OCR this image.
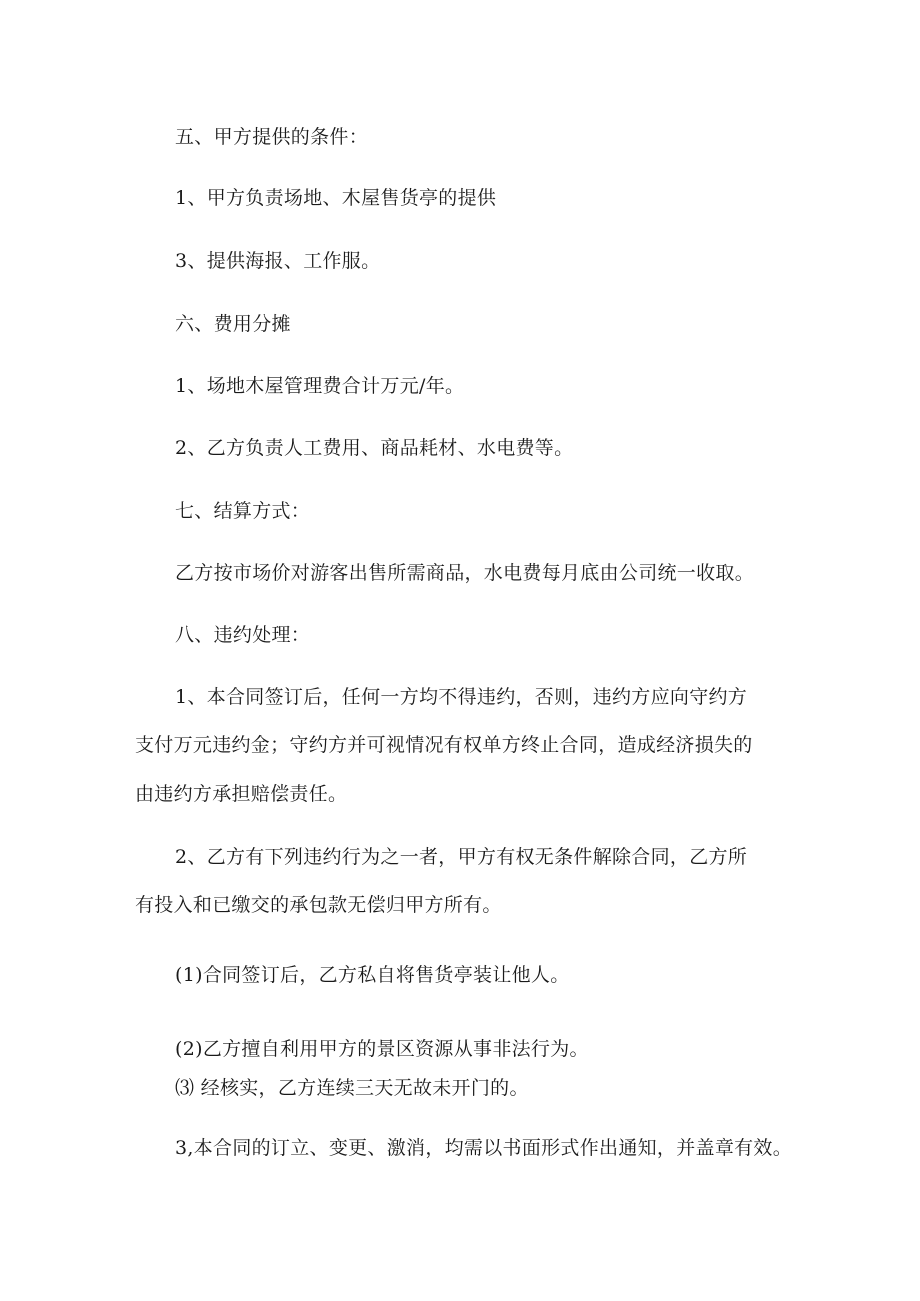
五、甲方提供的条件：
1、甲方负责场地、木屋售货亭的提供
3、提供海报、工作服。
六、费用分摊
1、场地木屋管理费合计万元/年。
2、乙方负责人工费用、商品耗材、水电费等。
七、结算方式：
乙方按市场价对游客出售所需商品，水电费每月底由公司统一收取。
八、违约处理：
1、本合同签订后，任何一方均不得违约，否则，违约方应向守约方
支付万元违约金；守约方并可视情况有权单方终止合同，造成经济损失的
由违约方承担赔偿责任。
2、乙方有下列违约行为之一者，甲方有权无条件解除合同，乙方所
有投入和已缴交的承包款无偿归甲方所有。
(1)合同签订后，乙方私自将售货亭装让他人。
(2)乙方擅自利用甲方的景区资源从事非法行为。
⑶ 经核实，乙方连续三天无故未开门的。
3,本合同的订立、变更、激消，均需以书面形式作出通知，并盖章有效。
